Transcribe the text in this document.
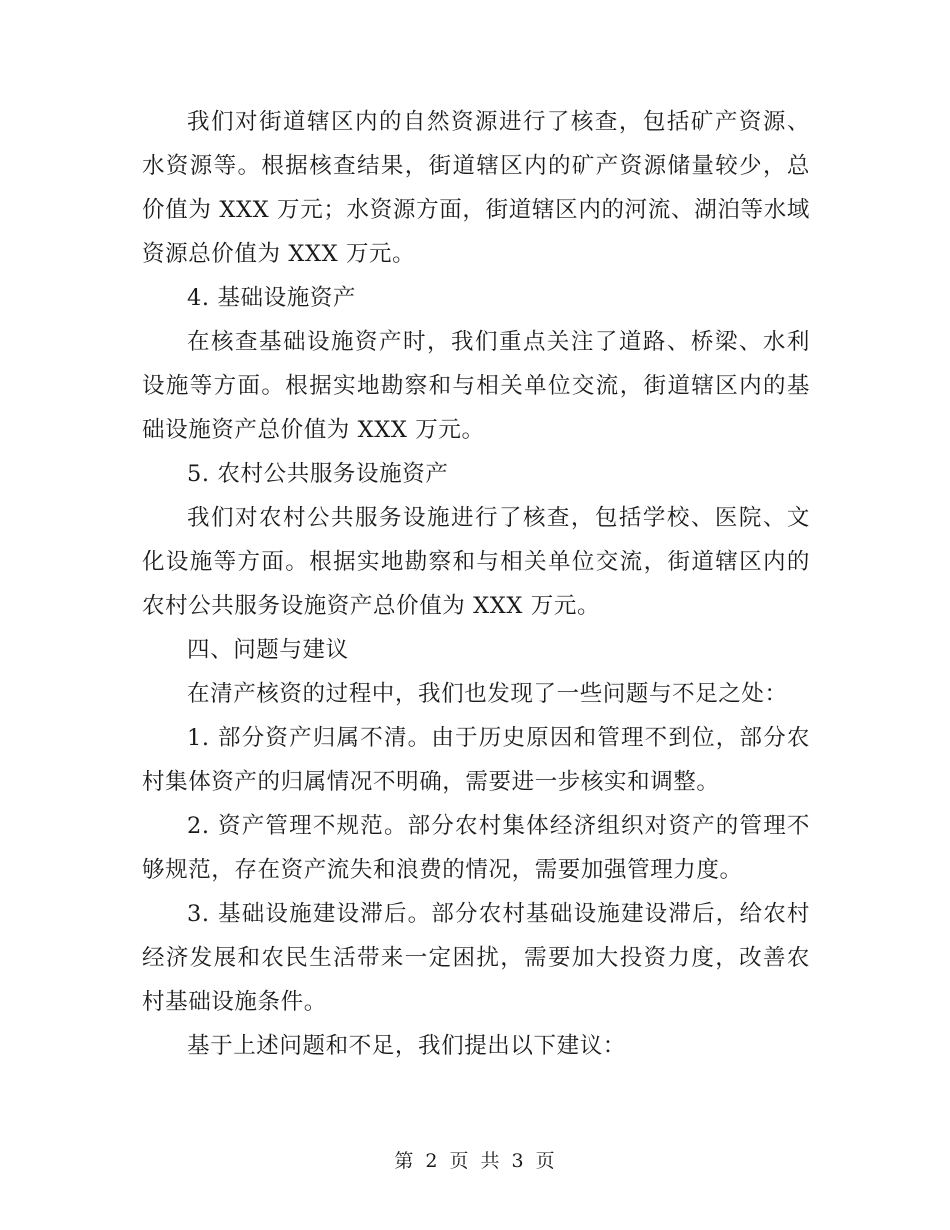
我们对街道辖区内的自然资源进行了核查，包括矿产资源、水资源等。根据核查结果，街道辖区内的矿产资源储量较少，总价值为 XXX 万元；水资源方面，街道辖区内的河流、湖泊等水域资源总价值为 XXX 万元。

4. 基础设施资产

在核查基础设施资产时，我们重点关注了道路、桥梁、水利设施等方面。根据实地勘察和与相关单位交流，街道辖区内的基础设施资产总价值为 XXX 万元。

5. 农村公共服务设施资产

我们对农村公共服务设施进行了核查，包括学校、医院、文化设施等方面。根据实地勘察和与相关单位交流，街道辖区内的农村公共服务设施资产总价值为 XXX 万元。

四、问题与建议

在清产核资的过程中，我们也发现了一些问题与不足之处：

1. 部分资产归属不清。由于历史原因和管理不到位，部分农村集体资产的归属情况不明确，需要进一步核实和调整。

2. 资产管理不规范。部分农村集体经济组织对资产的管理不够规范，存在资产流失和浪费的情况，需要加强管理力度。

3. 基础设施建设滞后。部分农村基础设施建设滞后，给农村经济发展和农民生活带来一定困扰，需要加大投资力度，改善农村基础设施条件。

基于上述问题和不足，我们提出以下建议：

第 2 页 共 3 页
